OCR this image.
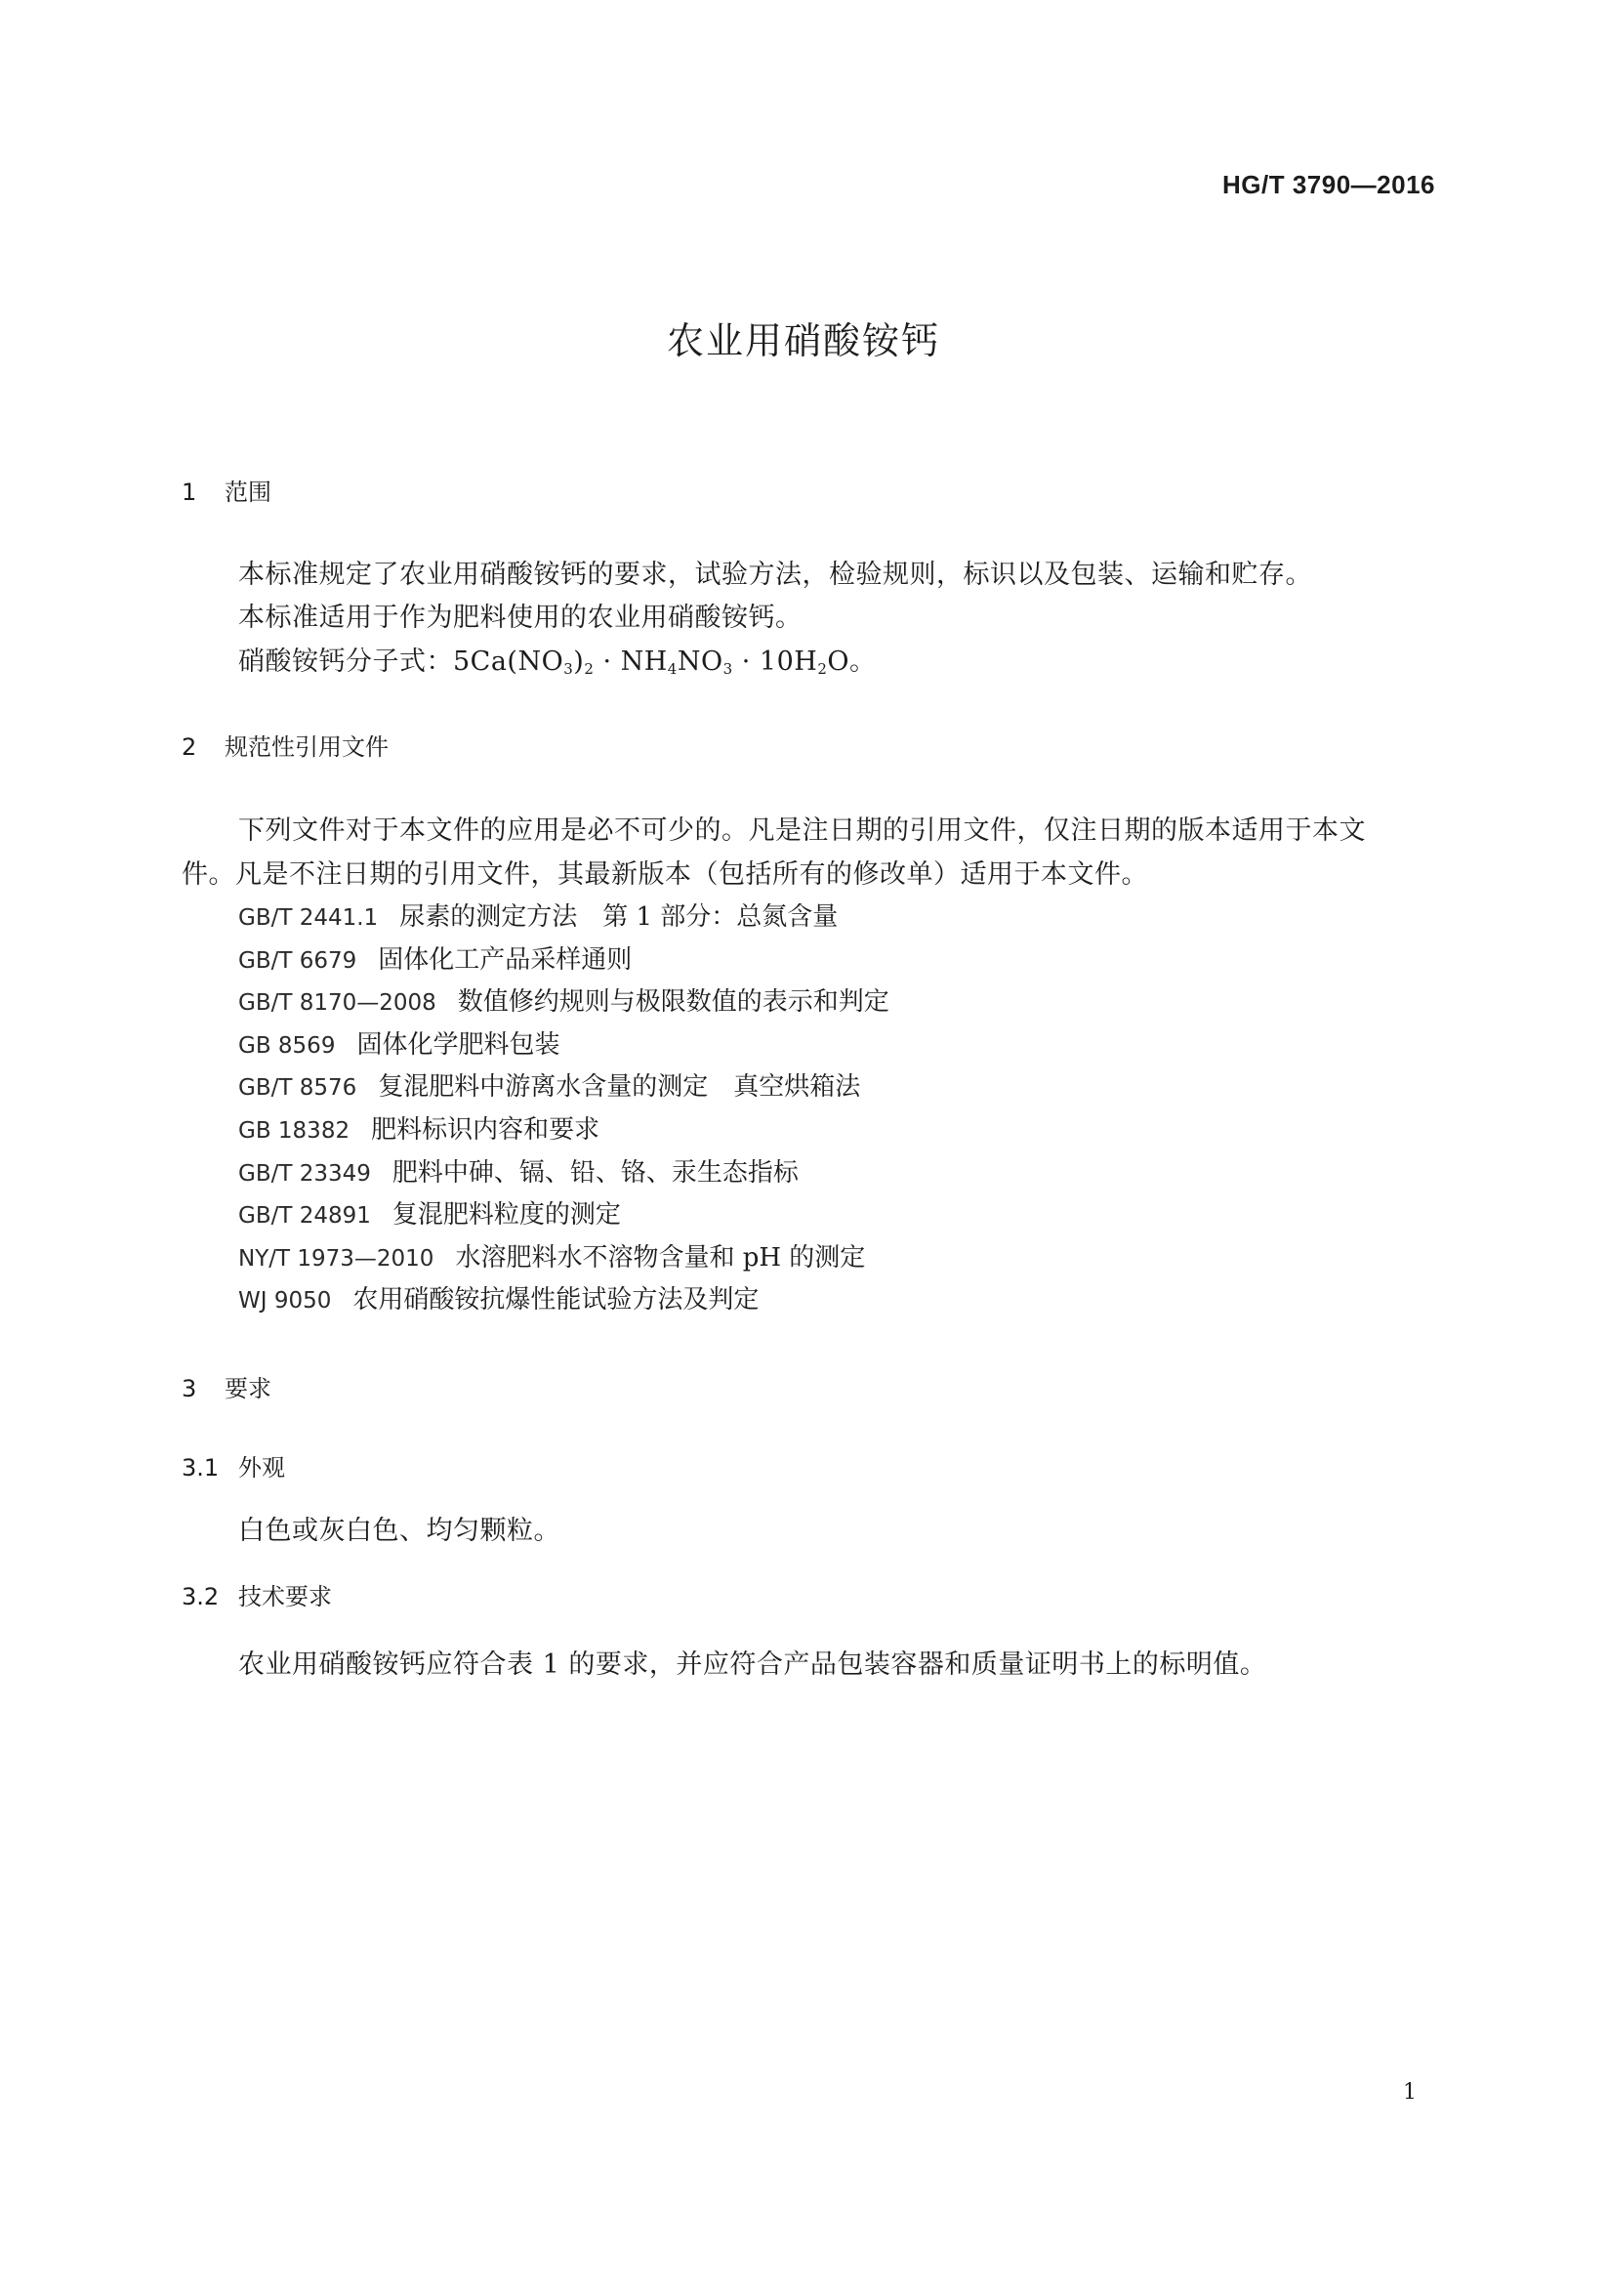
HG/T 3790—2016
农业用硝酸铵钙
1 范围
本标准规定了农业用硝酸铵钙的要求，试验方法，检验规则，标识以及包装、运输和贮存。
本标准适用于作为肥料使用的农业用硝酸铵钙。
硝酸铵钙分子式：$5Ca(NO_3)_2 \cdot NH_4NO_3 \cdot 10H_2O$。
2 规范性引用文件
下列文件对于本文件的应用是必不可少的。凡是注日期的引用文件，仅注日期的版本适用于本文
件。凡是不注日期的引用文件，其最新版本（包括所有的修改单）适用于本文件。
GB/T 2441.1 尿素的测定方法　第 1 部分：总氮含量
GB/T 6679 固体化工产品采样通则
GB/T 8170—2008 数值修约规则与极限数值的表示和判定
GB 8569 固体化学肥料包装
GB/T 8576 复混肥料中游离水含量的测定　真空烘箱法
GB 18382 肥料标识内容和要求
GB/T 23349 肥料中砷、镉、铅、铬、汞生态指标
GB/T 24891 复混肥料粒度的测定
NY/T 1973—2010 水溶肥料水不溶物含量和 pH 的测定
WJ 9050 农用硝酸铵抗爆性能试验方法及判定
3 要求
3.1 外观
白色或灰白色、均匀颗粒。
3.2 技术要求
农业用硝酸铵钙应符合表 1 的要求，并应符合产品包装容器和质量证明书上的标明值。
1
